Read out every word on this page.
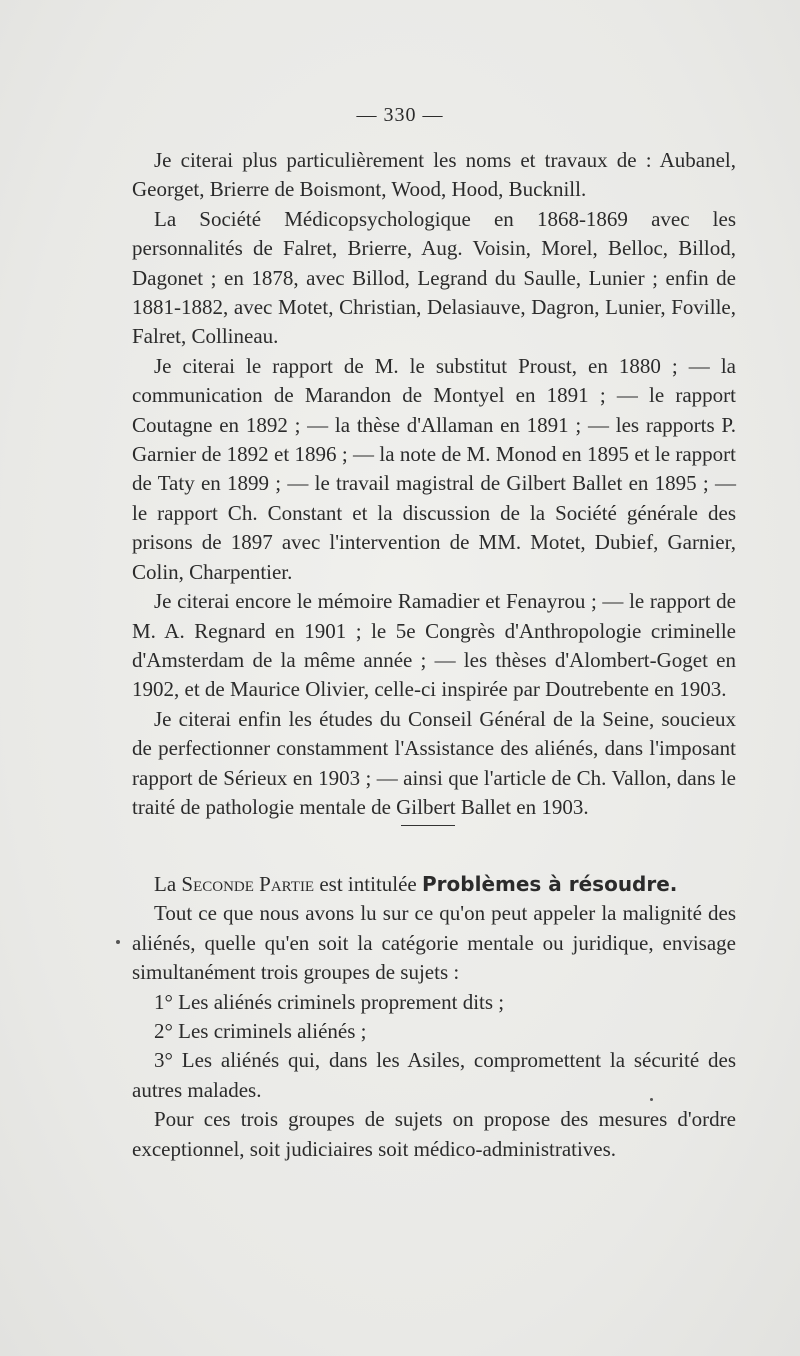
— 330 —

Je citerai plus particulièrement les noms et travaux de : Aubanel, Georget, Brierre de Boismont, Wood, Hood, Bucknill.

La Société Médicopsychologique en 1868-1869 avec les personnalités de Falret, Brierre, Aug. Voisin, Morel, Belloc, Billod, Dagonet ; en 1878, avec Billod, Legrand du Saulle, Lunier ; enfin de 1881-1882, avec Motet, Christian, Delasiauve, Dagron, Lunier, Foville, Falret, Collineau.

Je citerai le rapport de M. le substitut Proust, en 1880 ; — la communication de Marandon de Montyel en 1891 ; — le rapport Coutagne en 1892 ; — la thèse d'Allaman en 1891 ; — les rapports P. Garnier de 1892 et 1896 ; — la note de M. Monod en 1895 et le rapport de Taty en 1899 ; — le travail magistral de Gilbert Ballet en 1895 ; — le rapport Ch. Constant et la discussion de la Société générale des prisons de 1897 avec l'intervention de MM. Motet, Dubief, Garnier, Colin, Charpentier.

Je citerai encore le mémoire Ramadier et Fenayrou ; — le rapport de M. A. Regnard en 1901 ; le 5e Congrès d'Anthropologie criminelle d'Amsterdam de la même année ; — les thèses d'Alombert-Goget en 1902, et de Maurice Olivier, celle-ci inspirée par Doutrebente en 1903.

Je citerai enfin les études du Conseil Général de la Seine, soucieux de perfectionner constamment l'Assistance des aliénés, dans l'imposant rapport de Sérieux en 1903 ; — ainsi que l'article de Ch. Vallon, dans le traité de pathologie mentale de Gilbert Ballet en 1903.

La Seconde Partie est intitulée Problèmes à résoudre.

Tout ce que nous avons lu sur ce qu'on peut appeler la malignité des aliénés, quelle qu'en soit la catégorie mentale ou juridique, envisage simultanément trois groupes de sujets :

1° Les aliénés criminels proprement dits ;

2° Les criminels aliénés ;

3° Les aliénés qui, dans les Asiles, compromettent la sécurité des autres malades.

Pour ces trois groupes de sujets on propose des mesures d'ordre exceptionnel, soit judiciaires soit médico-administratives.
